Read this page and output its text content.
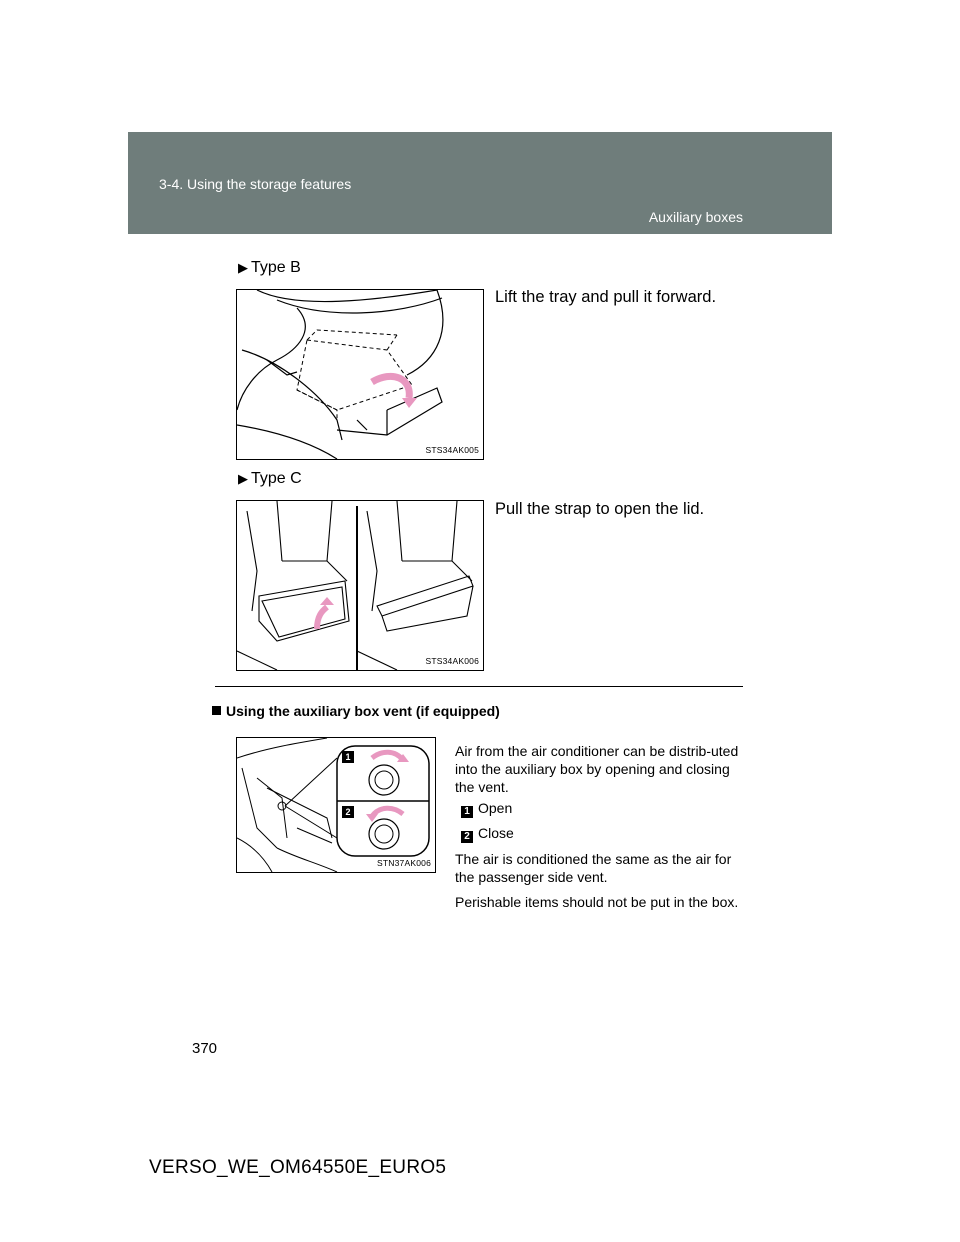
3-4. Using the storage features
Auxiliary boxes
▶ Type B
Lift the tray and pull it forward.
STS34AK005
▶ Type C
Pull the strap to open the lid.
STS34AK006
Using the auxiliary box vent (if equipped)
1
2
STN37AK006
Air from the air conditioner can be distrib-uted into the auxiliary box by opening and closing the vent.
1 Open
2 Close
The air is conditioned the same as the air for the passenger side vent.
Perishable items should not be put in the box.
370
VERSO_WE_OM64550E_EURO5
